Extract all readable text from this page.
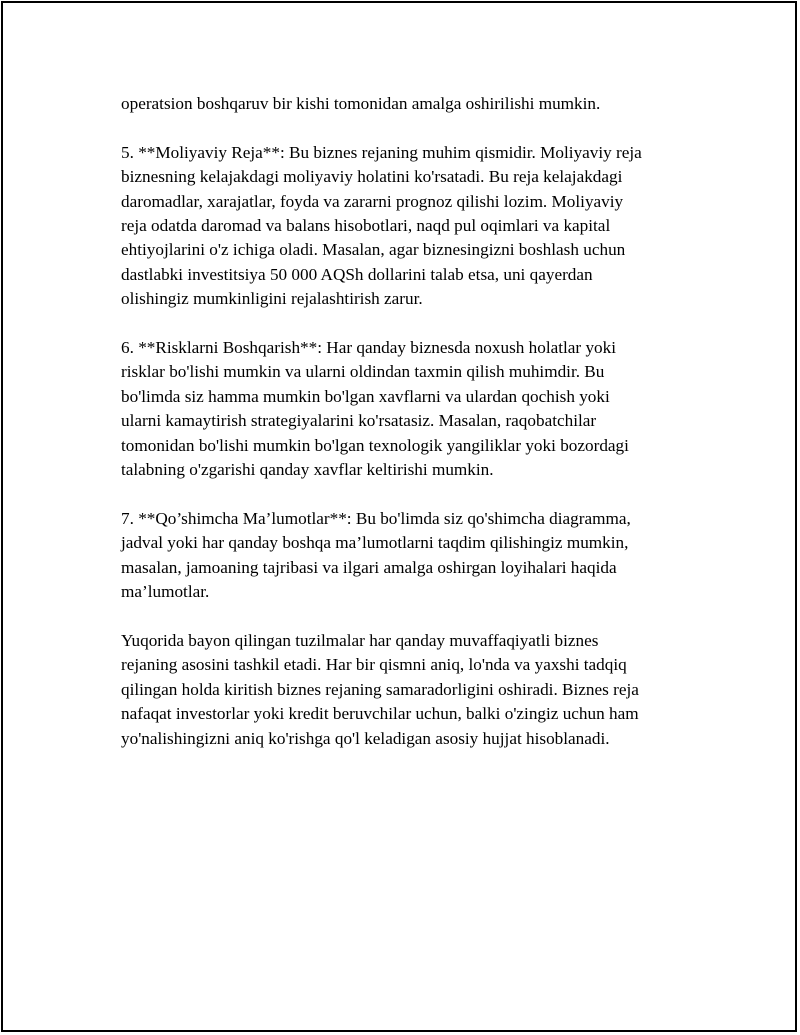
operatsion boshqaruv bir kishi tomonidan amalga oshirilishi mumkin.

5. **Moliyaviy Reja**: Bu biznes rejaning muhim qismidir. Moliyaviy reja
biznesning kelajakdagi moliyaviy holatini ko'rsatadi. Bu reja kelajakdagi
daromadlar, xarajatlar, foyda va zararni prognoz qilishi lozim. Moliyaviy
reja odatda daromad va balans hisobotlari, naqd pul oqimlari va kapital
ehtiyojlarini o'z ichiga oladi. Masalan, agar biznesingizni boshlash uchun
dastlabki investitsiya 50 000 AQSh dollarini talab etsa, uni qayerdan
olishingiz mumkinligini rejalashtirish zarur.

6. **Risklarni Boshqarish**: Har qanday biznesda noxush holatlar yoki
risklar bo'lishi mumkin va ularni oldindan taxmin qilish muhimdir. Bu
bo'limda siz hamma mumkin bo'lgan xavflarni va ulardan qochish yoki
ularni kamaytirish strategiyalarini ko'rsatasiz. Masalan, raqobatchilar
tomonidan bo'lishi mumkin bo'lgan texnologik yangiliklar yoki bozordagi
talabning o'zgarishi qanday xavflar keltirishi mumkin.

7. **Qo’shimcha Ma’lumotlar**: Bu bo'limda siz qo'shimcha diagramma,
jadval yoki har qanday boshqa ma’lumotlarni taqdim qilishingiz mumkin,
masalan, jamoaning tajribasi va ilgari amalga oshirgan loyihalari haqida
ma’lumotlar.

Yuqorida bayon qilingan tuzilmalar har qanday muvaffaqiyatli biznes
rejaning asosini tashkil etadi. Har bir qismni aniq, lo'nda va yaxshi tadqiq
qilingan holda kiritish biznes rejaning samaradorligini oshiradi. Biznes reja
nafaqat investorlar yoki kredit beruvchilar uchun, balki o'zingiz uchun ham
yo'nalishingizni aniq ko'rishga qo'l keladigan asosiy hujjat hisoblanadi.
